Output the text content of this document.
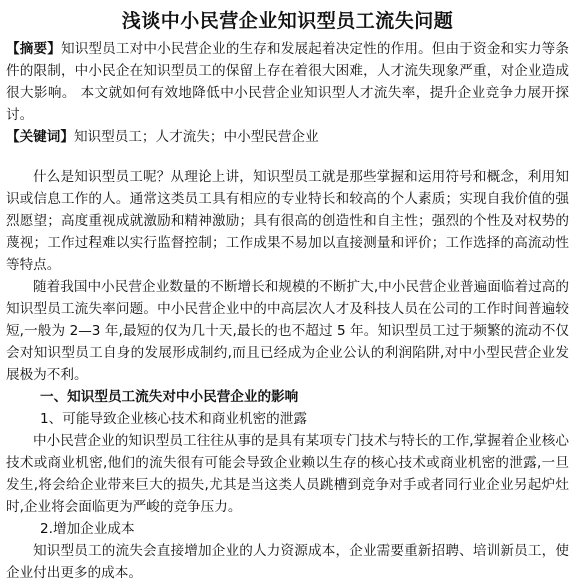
浅谈中小民营企业知识型员工流失问题

【摘要】知识型员工对中小民营企业的生存和发展起着决定性的作用。但由于资金和实力等条件的限制，中小民企在知识型员工的保留上存在着很大困难，人才流失现象严重，对企业造成很大影响。 本文就如何有效地降低中小民营企业知识型人才流失率，提升企业竞争力展开探讨。

【关键词】知识型员工；人才流失；中小型民营企业

什么是知识型员工呢？从理论上讲，知识型员工就是那些掌握和运用符号和概念，利用知识或信息工作的人。通常这类员工具有相应的专业特长和较高的个人素质；实现自我价值的强烈愿望；高度重视成就激励和精神激励；具有很高的创造性和自主性；强烈的个性及对权势的蔑视；工作过程难以实行监督控制；工作成果不易加以直接测量和评价；工作选择的高流动性等特点。

随着我国中小民营企业数量的不断增长和规模的不断扩大,中小民营企业普遍面临着过高的知识型员工流失率问题。中小民营企业中的中高层次人才及科技人员在公司的工作时间普遍较短,一般为 2—3 年,最短的仅为几十天,最长的也不超过 5 年。知识型员工过于频繁的流动不仅会对知识型员工自身的发展形成制约,而且已经成为企业公认的利润陷阱,对中小型民营企业发展极为不利。

一、知识型员工流失对中小民营企业的影响

1、可能导致企业核心技术和商业机密的泄露

中小民营企业的知识型员工往往从事的是具有某项专门技术与特长的工作,掌握着企业核心技术或商业机密,他们的流失很有可能会导致企业赖以生存的核心技术或商业机密的泄露,一旦发生,将会给企业带来巨大的损失,尤其是当这类人员跳槽到竞争对手或者同行业企业另起炉灶时,企业将会面临更为严峻的竞争压力。

2.增加企业成本

知识型员工的流失会直接增加企业的人力资源成本，企业需要重新招聘、培训新员工，使企业付出更多的成本。
